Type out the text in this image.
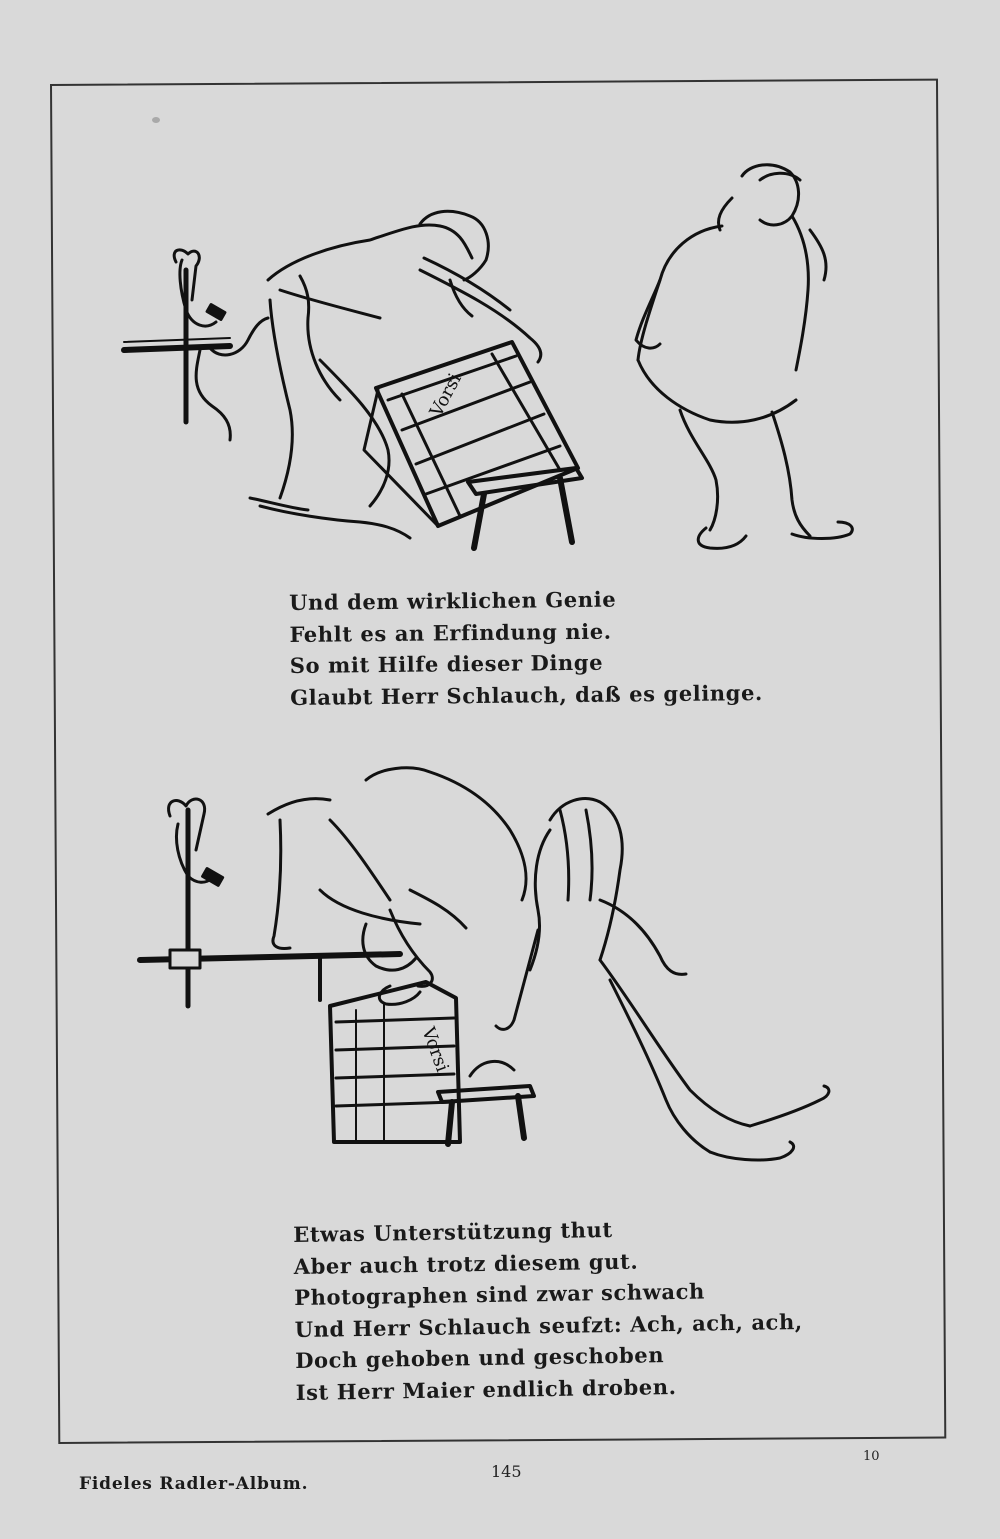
Vorsi
Und dem wirklichen Genie
Fehlt es an Erfindung nie.
So mit Hilfe dieser Dinge
Glaubt Herr Schlauch, daß es gelinge.
Vorsi
Etwas Unterstützung thut
Aber auch trotz diesem gut.
Photographen sind zwar schwach
Und Herr Schlauch seufzt: Ach, ach, ach,
Doch gehoben und geschoben
Ist Herr Maier endlich droben.
Fideles Radler-Album.
145
10
